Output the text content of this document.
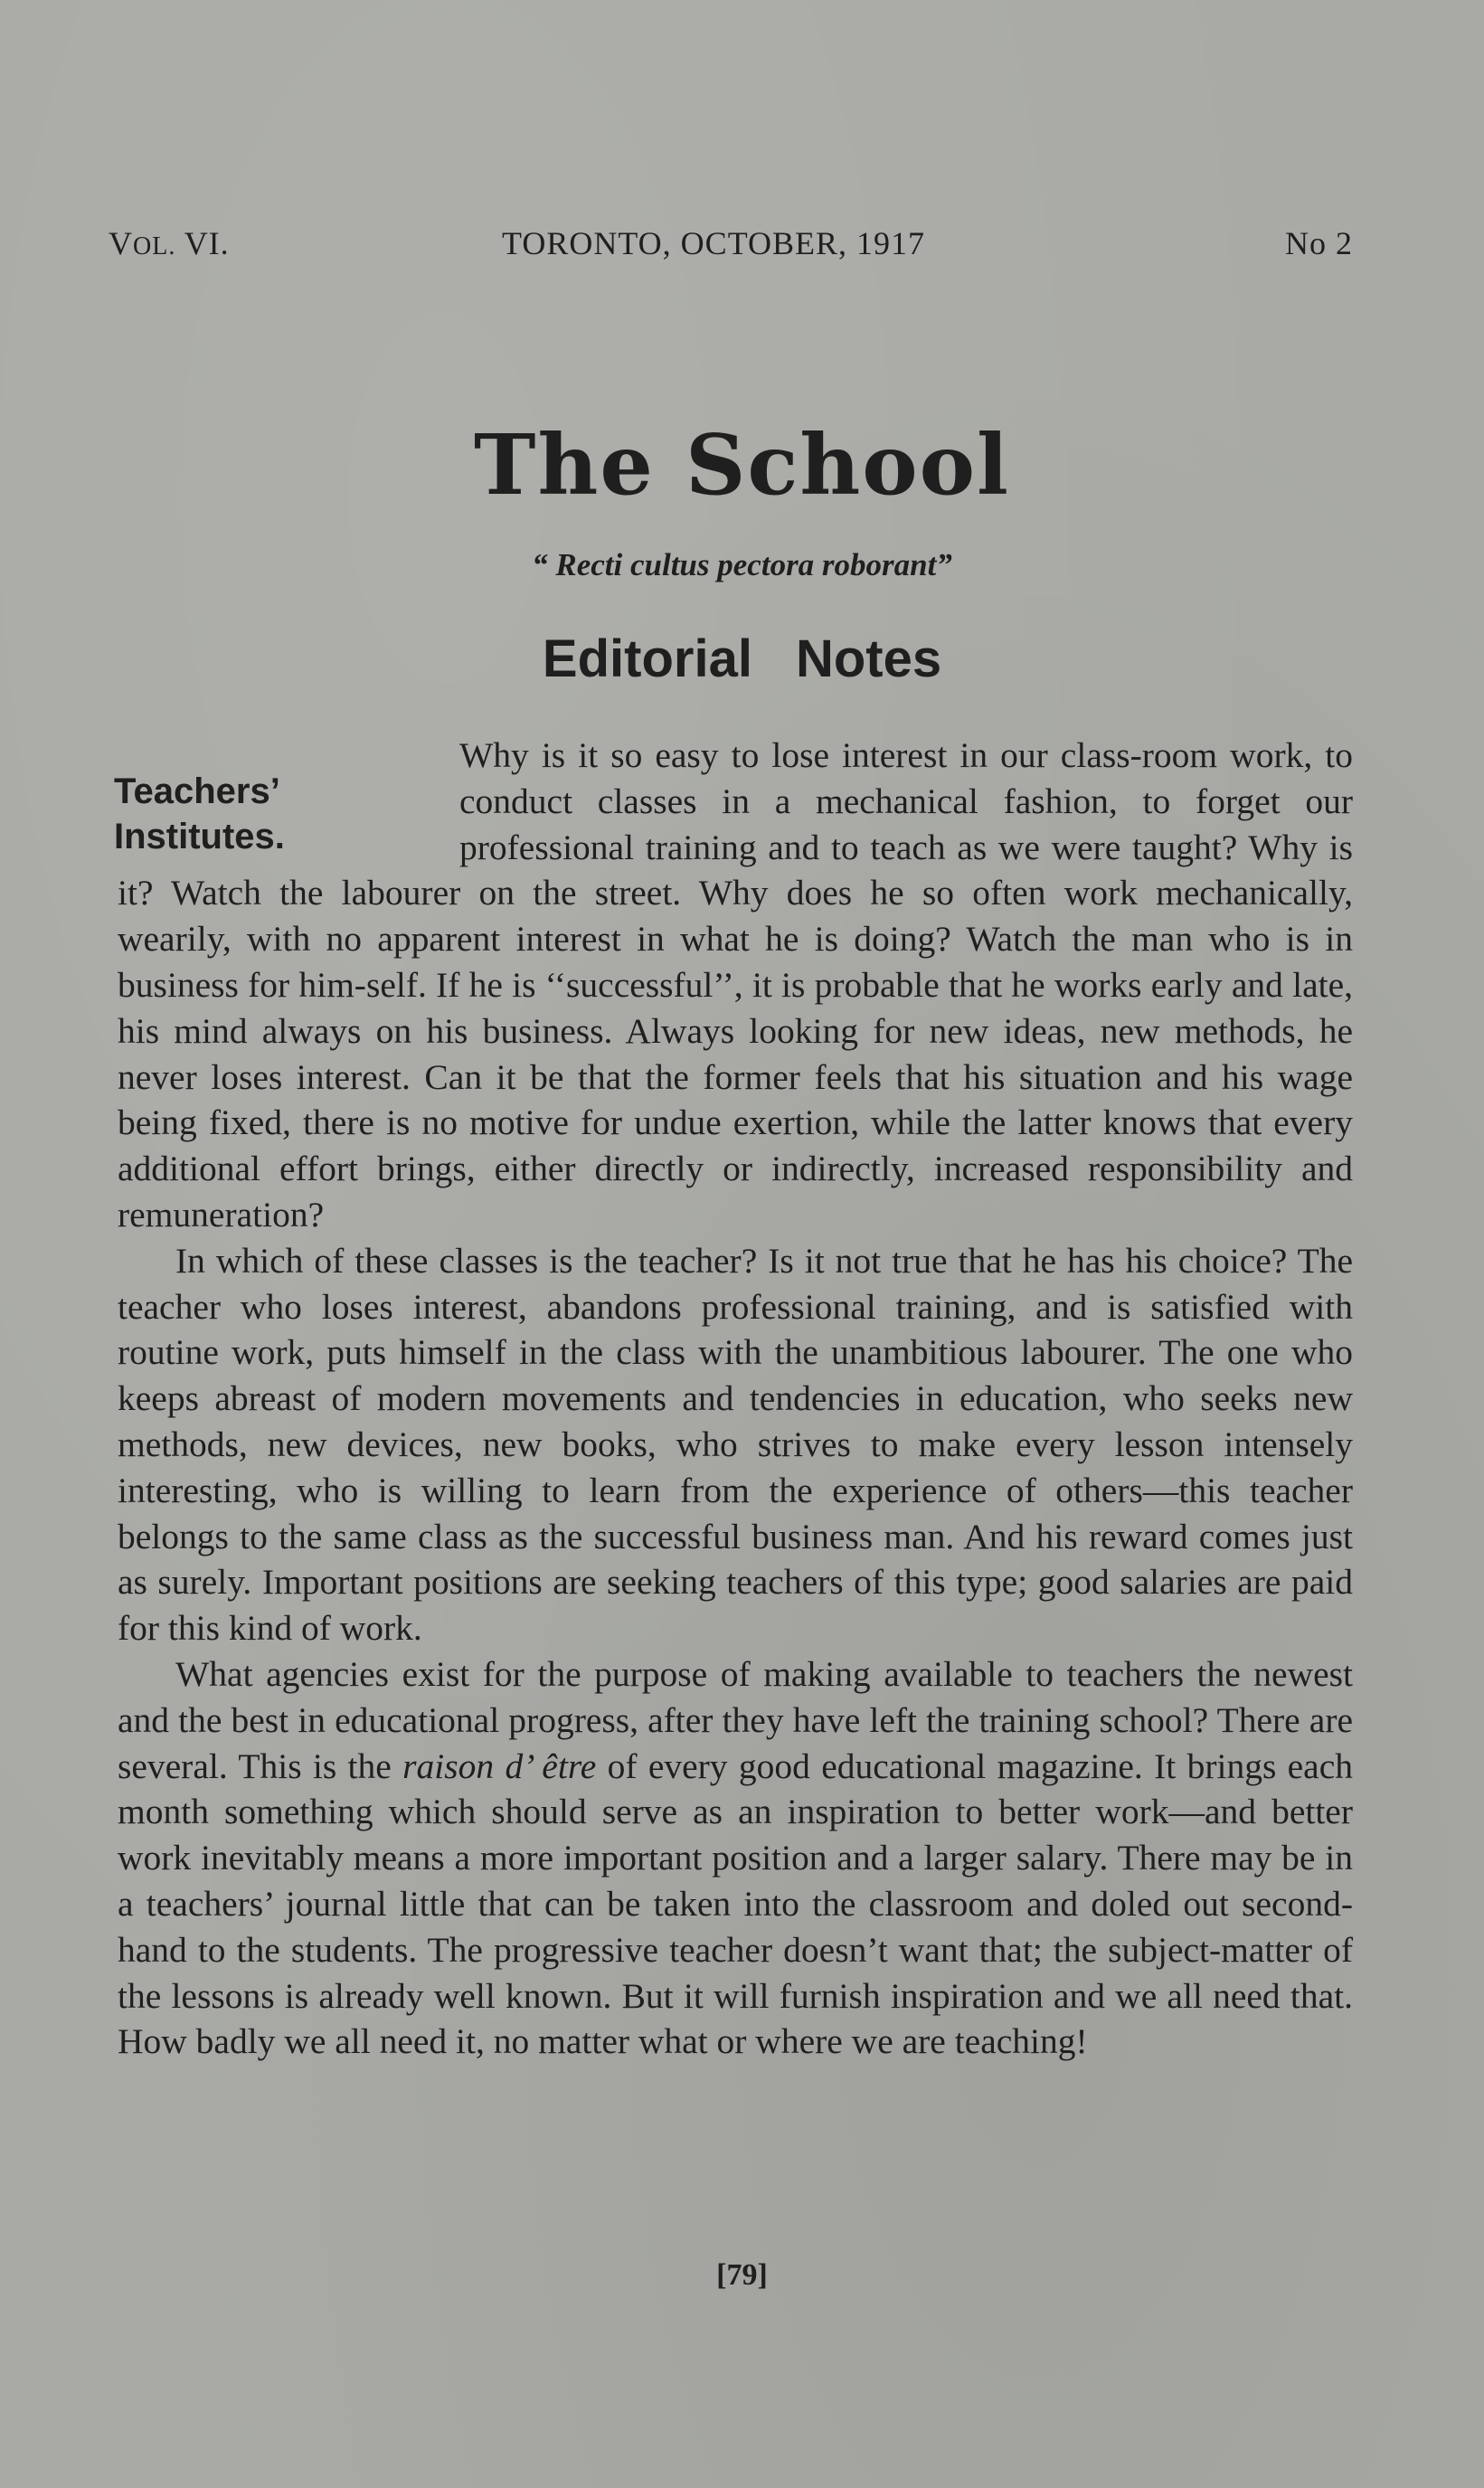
VOL. VI.	TORONTO, OCTOBER, 1917	No 2
The School
“ Recti cultus pectora roborant”
Editorial Notes
Teachers’
Institutes.

Why is it so easy to lose interest in our class-room work, to conduct classes in a mechanical fashion, to forget our professional training and to teach as we were taught? Why is it? Watch the labourer on the street. Why does he so often work mechanically, wearily, with no apparent interest in what he is doing? Watch the man who is in business for him-self. If he is ‘‘successful’’, it is probable that he works early and late, his mind always on his business. Always looking for new ideas, new methods, he never loses interest. Can it be that the former feels that his situation and his wage being fixed, there is no motive for undue exertion, while the latter knows that every additional effort brings, either directly or indirectly, increased responsibility and remuneration?

In which of these classes is the teacher? Is it not true that he has his choice? The teacher who loses interest, abandons professional training, and is satisfied with routine work, puts himself in the class with the unambitious labourer. The one who keeps abreast of modern movements and tendencies in education, who seeks new methods, new devices, new books, who strives to make every lesson intensely interesting, who is willing to learn from the experience of others—this teacher belongs to the same class as the successful business man. And his reward comes just as surely. Important positions are seeking teachers of this type; good salaries are paid for this kind of work.

What agencies exist for the purpose of making available to teachers the newest and the best in educational progress, after they have left the training school? There are several. This is the raison d’ être of every good educational magazine. It brings each month something which should serve as an inspiration to better work—and better work inevitably means a more important position and a larger salary. There may be in a teachers’ journal little that can be taken into the classroom and doled out second-hand to the students. The progressive teacher doesn’t want that; the subject-matter of the lessons is already well known. But it will furnish inspiration and we all need that. How badly we all need it, no matter what or where we are teaching!

[79]
